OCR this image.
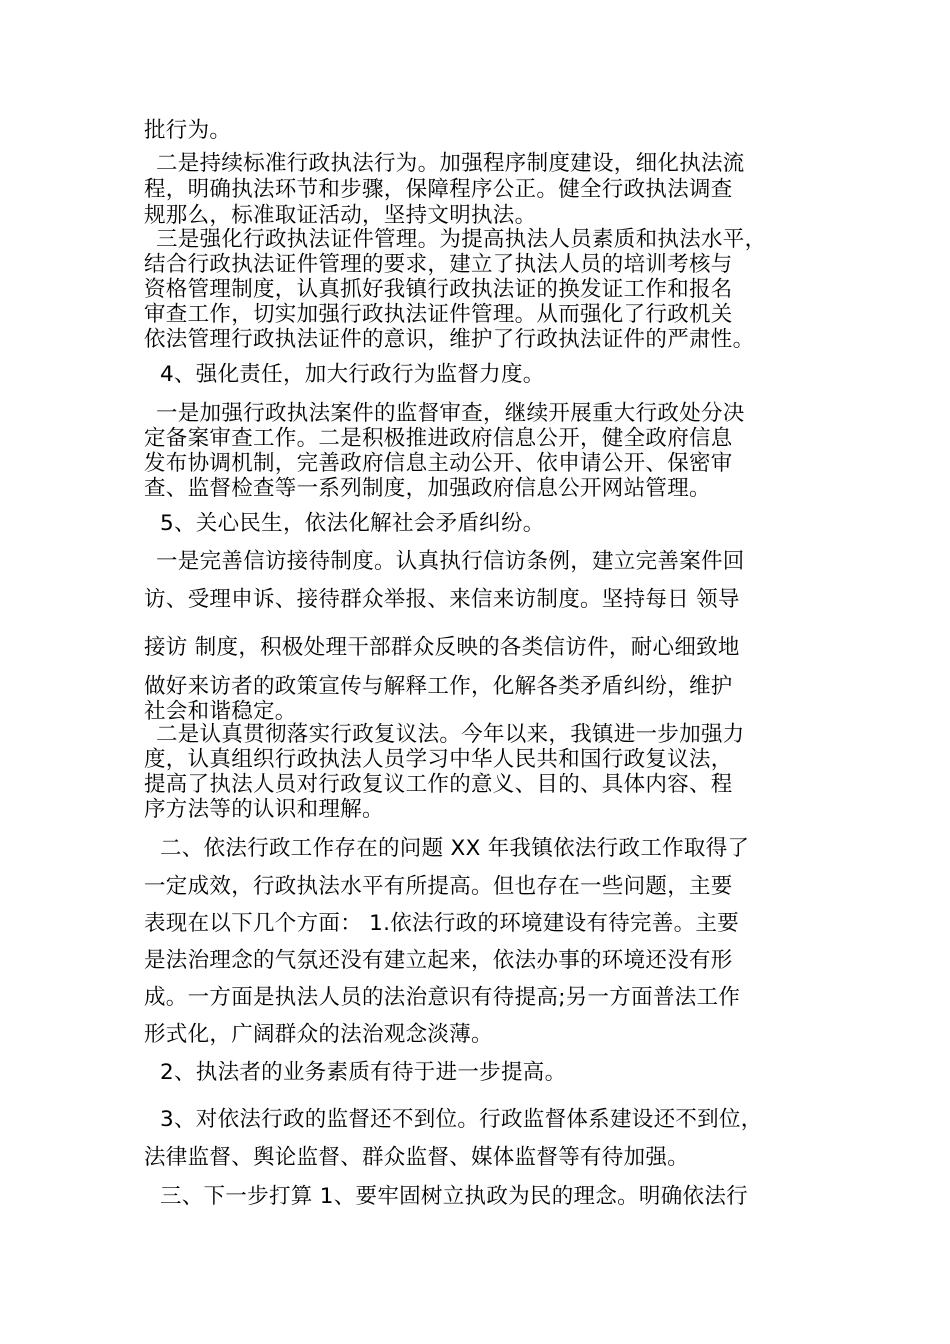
批行为。
二是持续标准行政执法行为。加强程序制度建设，细化执法流
程，明确执法环节和步骤，保障程序公正。健全行政执法调查
规那么，标准取证活动，坚持文明执法。
三是强化行政执法证件管理。为提高执法人员素质和执法水平，
结合行政执法证件管理的要求，建立了执法人员的培训考核与
资格管理制度，认真抓好我镇行政执法证的换发证工作和报名
审查工作，切实加强行政执法证件管理。从而强化了行政机关
依法管理行政执法证件的意识，维护了行政执法证件的严肃性。
4、强化责任，加大行政行为监督力度。
一是加强行政执法案件的监督审查，继续开展重大行政处分决
定备案审查工作。二是积极推进政府信息公开，健全政府信息
发布协调机制，完善政府信息主动公开、依申请公开、保密审
查、监督检查等一系列制度，加强政府信息公开网站管理。
5、关心民生，依法化解社会矛盾纠纷。
一是完善信访接待制度。认真执行信访条例，建立完善案件回
访、受理申诉、接待群众举报、来信来访制度。坚持每日 领导
接访 制度，积极处理干部群众反映的各类信访件，耐心细致地
做好来访者的政策宣传与解释工作，化解各类矛盾纠纷，维护
社会和谐稳定。
二是认真贯彻落实行政复议法。今年以来，我镇进一步加强力
度，认真组织行政执法人员学习中华人民共和国行政复议法，
提高了执法人员对行政复议工作的意义、目的、具体内容、程
序方法等的认识和理解。
二、依法行政工作存在的问题 XX 年我镇依法行政工作取得了
一定成效，行政执法水平有所提高。但也存在一些问题，主要
表现在以下几个方面： 1.依法行政的环境建设有待完善。主要
是法治理念的气氛还没有建立起来，依法办事的环境还没有形
成。一方面是执法人员的法治意识有待提高;另一方面普法工作
形式化，广阔群众的法治观念淡薄。
2、执法者的业务素质有待于进一步提高。
3、对依法行政的监督还不到位。行政监督体系建设还不到位，
法律监督、舆论监督、群众监督、媒体监督等有待加强。
三、下一步打算 1、要牢固树立执政为民的理念。明确依法行
